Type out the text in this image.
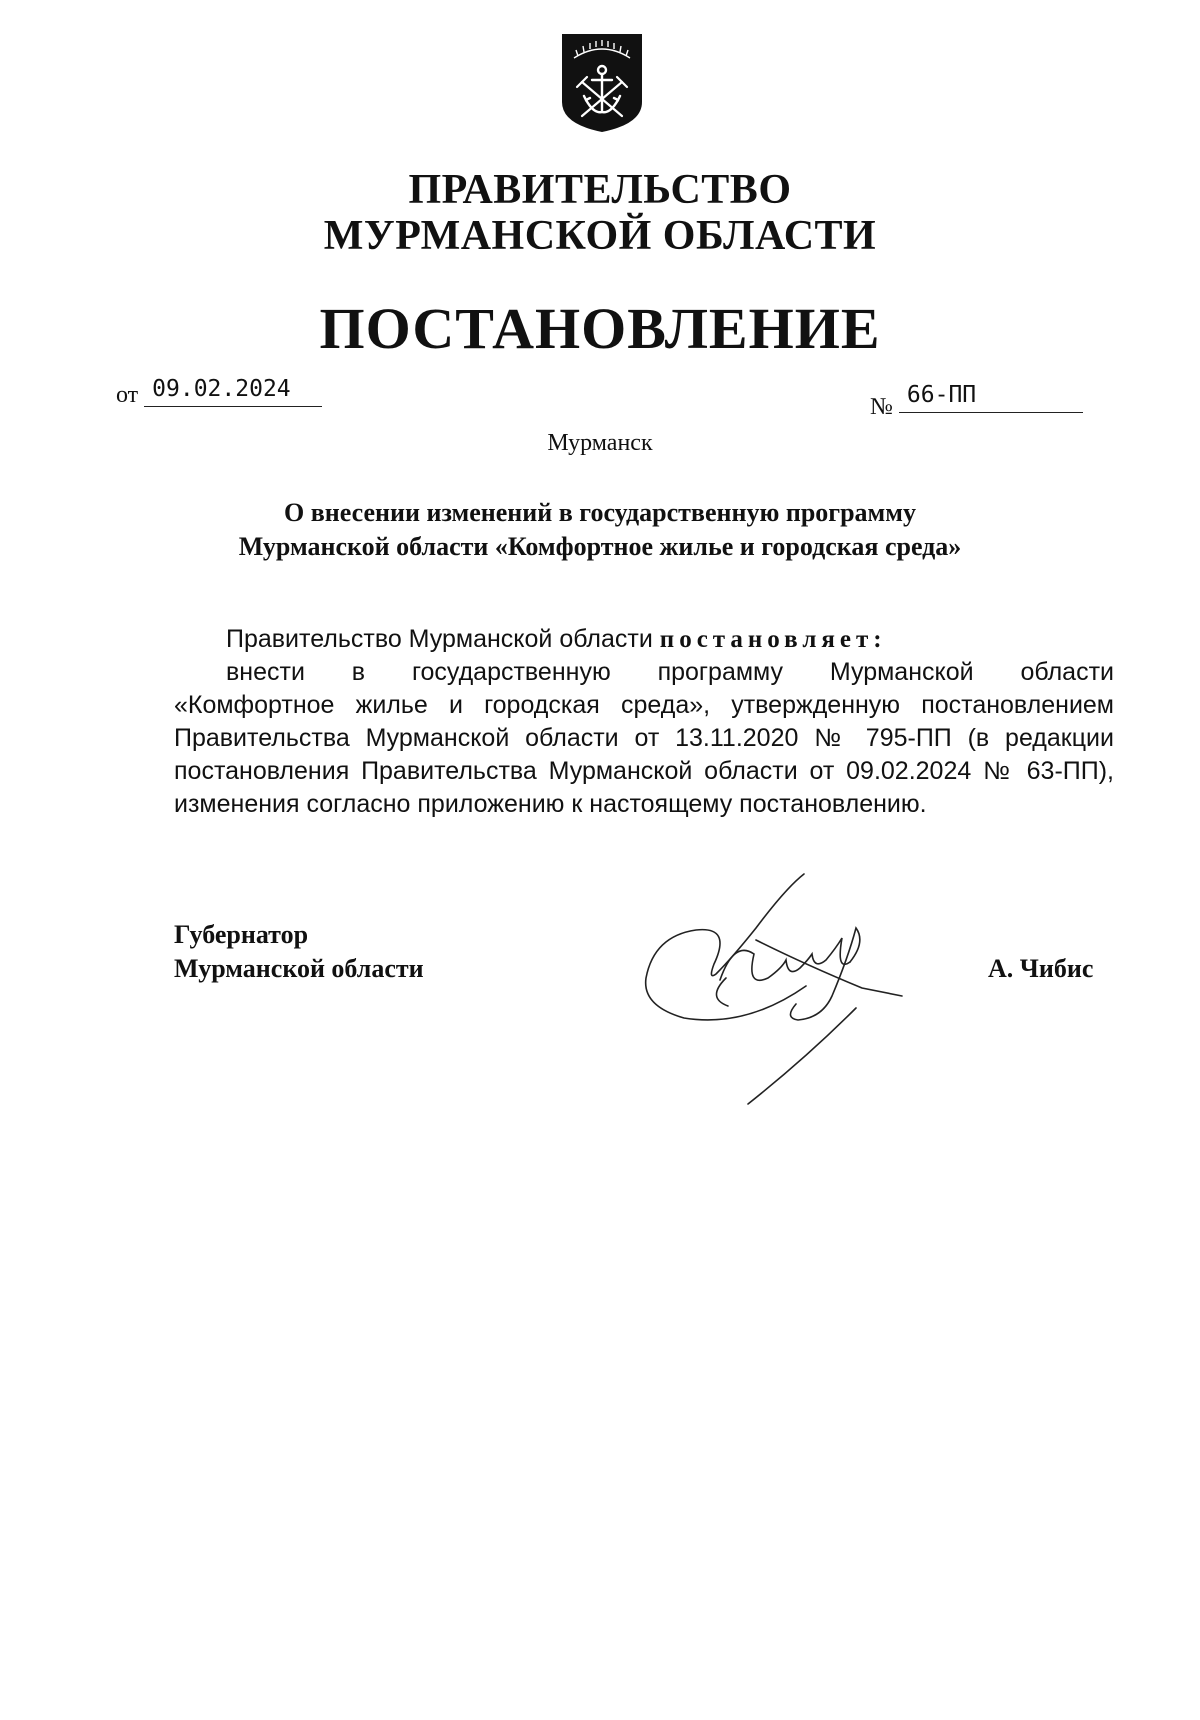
ПРАВИТЕЛЬСТВО
МУРМАНСКОЙ ОБЛАСТИ
ПОСТАНОВЛЕНИЕ
от 09.02.2024
№ 66-ПП
Мурманск
О внесении изменений в государственную программу
Мурманской области «Комфортное жилье и городская среда»
Правительство Мурманской области постановляет:
внести в государственную программу Мурманской области
«Комфортное жилье и городская среда», утвержденную постановлением
Правительства Мурманской области от 13.11.2020 № 795-ПП (в редакции
постановления Правительства Мурманской области от 09.02.2024 № 63-ПП),
изменения согласно приложению к настоящему постановлению.
Губернатор
Мурманской области	А. Чибис
